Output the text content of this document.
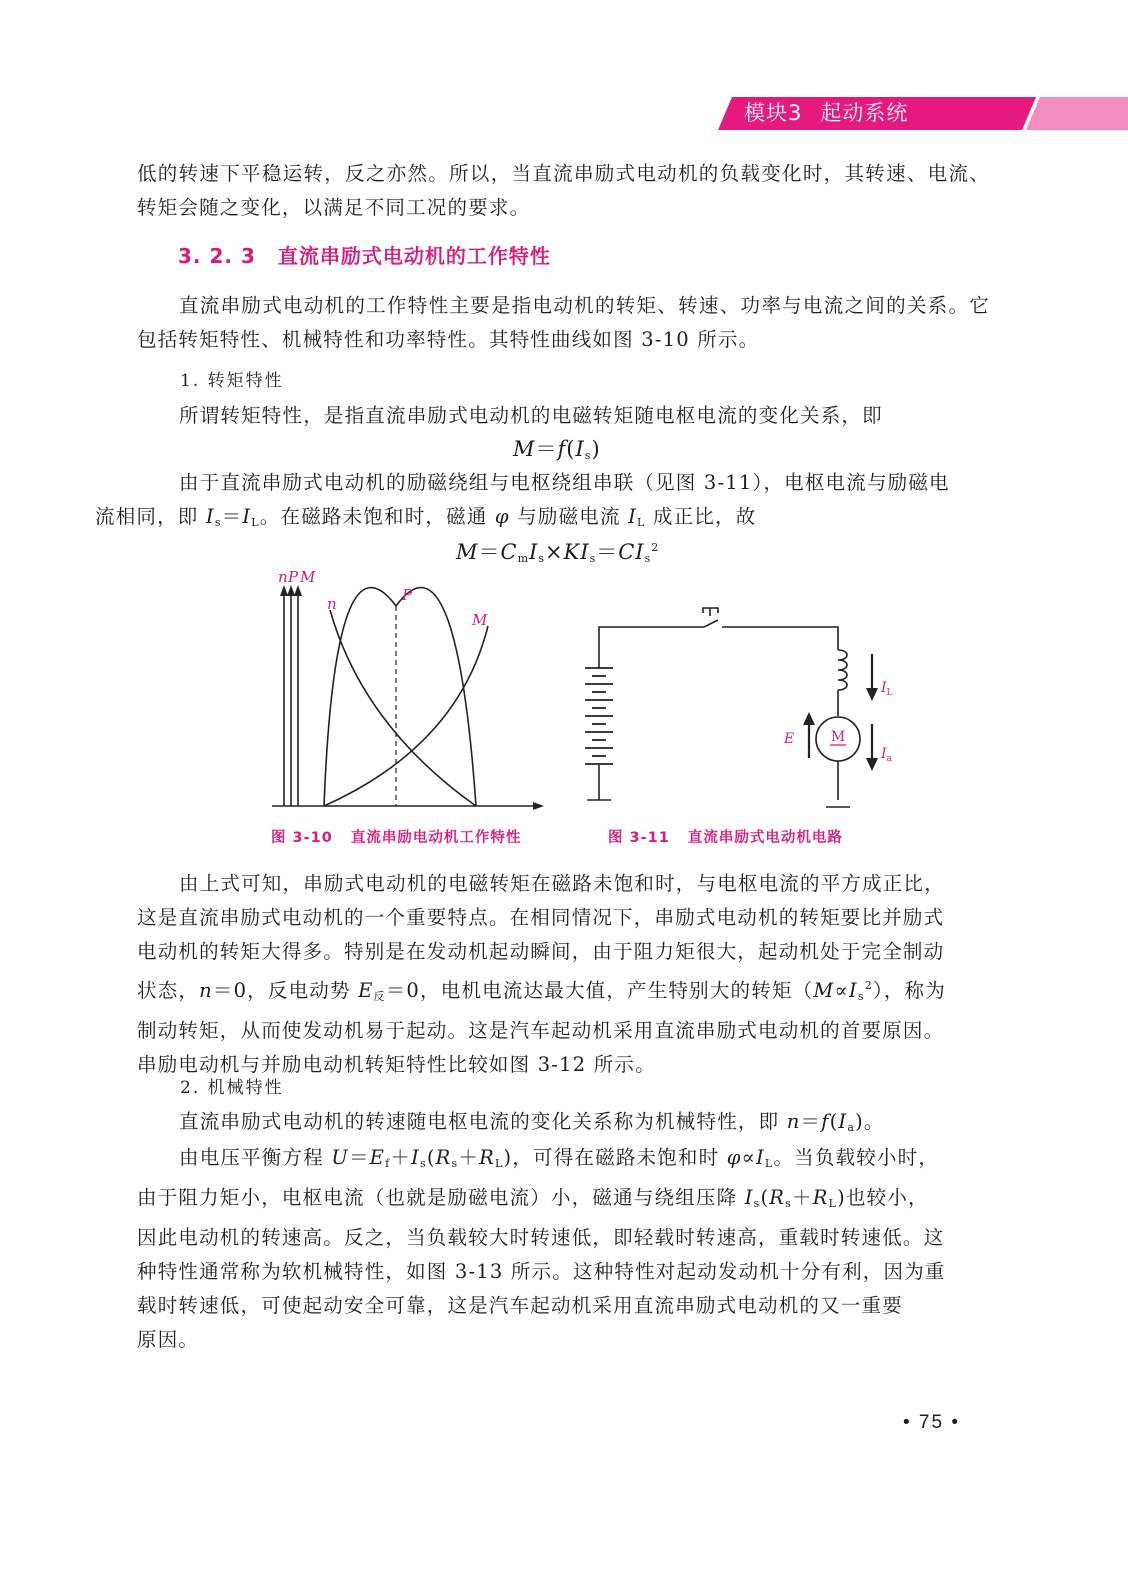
模块3 起动系统

低的转速下平稳运转，反之亦然。所以，当直流串励式电动机的负载变化时，其转速、电流、转矩会随之变化，以满足不同工况的要求。

3. 2. 3 直流串励式电动机的工作特性

直流串励式电动机的工作特性主要是指电动机的转矩、转速、功率与电流之间的关系。它包括转矩特性、机械特性和功率特性。其特性曲线如图 3-10 所示。

1. 转矩特性

所谓转矩特性，是指直流串励式电动机的电磁转矩随电枢电流的变化关系，即

$M=f(I_s)$
由于直流串励式电动机的励磁绕组与电枢绕组串联（见图 3-11），电枢电流与励磁电
流相同，即 $I_s=I_L$。在磁路未饱和时，磁通 φ 与励磁电流 $I_L$ 成正比，故
$M=C_mI_s\times KI_s=CI_s^2$
n P M
n	P
M
M
$I_L$
$I_a$
E
图 3-10 直流串励电动机工作特性	图 3-11 直流串励式电动机电路
由上式可知，串励式电动机的电磁转矩在磁路未饱和时，与电枢电流的平方成正比，
这是直流串励式电动机的一个重要特点。在相同情况下，串励式电动机的转矩要比并励式
电动机的转矩大得多。特别是在发动机起动瞬间，由于阻力矩很大，起动机处于完全制动
状态，n＝0，反电动势 $E_反=0$，电机电流达最大值，产生特别大的转矩$(M\propto I_s^2)$，称为
制动转矩，从而使发动机易于起动。这是汽车起动机采用直流串励式电动机的首要原因。
串励电动机与并励电动机转矩特性比较如图 3-12 所示。
2. 机械特性
直流串励式电动机的转速随电枢电流的变化关系称为机械特性，即 $n=f(I_a)$。
由电压平衡方程 $U=E_f+I_s(R_s+R_L)$，可得在磁路未饱和时 $\varphi\propto I_L$。当负载较小时，
由于阻力矩小，电枢电流（也就是励磁电流）小，磁通与绕组压降 $I_s(R_s+R_L)$也较小，
因此电动机的转速高。反之，当负载较大时转速低，即轻载时转速高，重载时转速低。这
种特性通常称为软机械特性，如图 3-13 所示。这种特性对起动发动机十分有利，因为重
载时转速低，可使起动安全可靠，这是汽车起动机采用直流串励式电动机的又一重要
原因。
• 75 •
